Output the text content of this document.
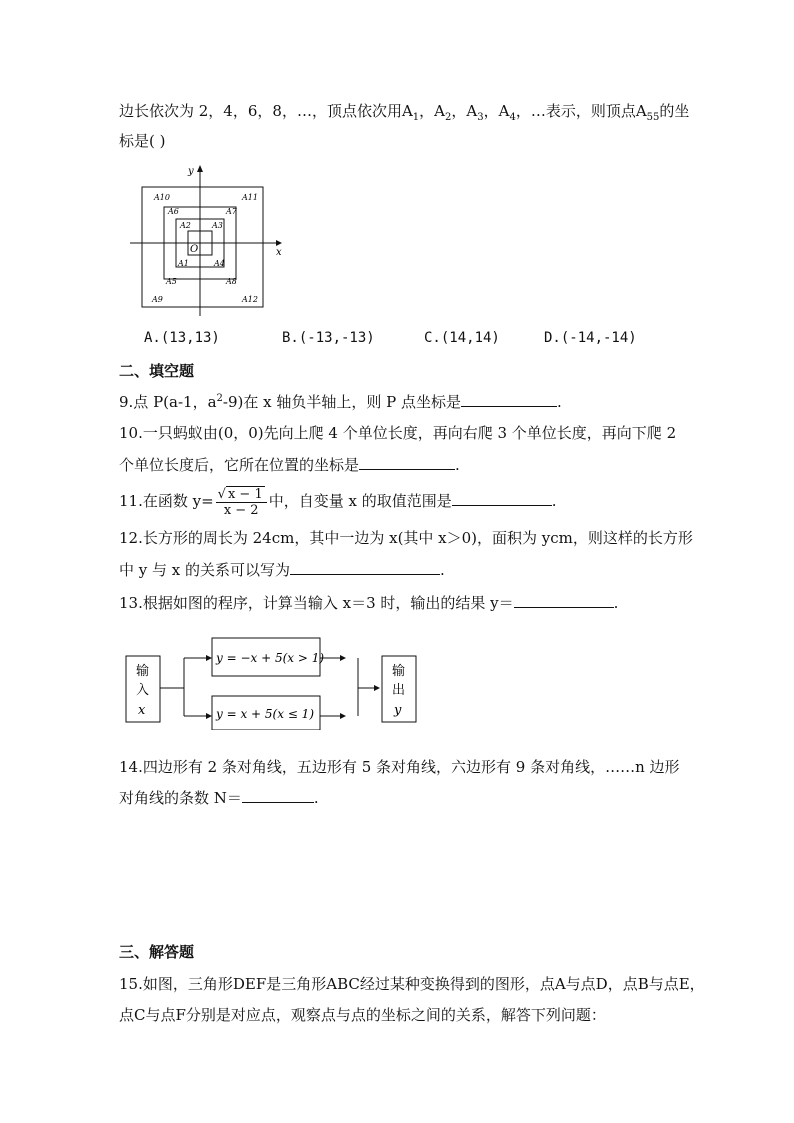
边长依次为 2，4，6，8，…，顶点依次用$A_1$，$A_2$，$A_3$，$A_4$，…表示，则顶点$A_{55}$的坐
标是( )
y
x
O
A10	A11
A6	A7
A2	A3
A1	A4
A5	A8
A9	A12
A.(13,13)	B.(-13,-13)	C.(14,14)	D.(-14,-14)
二、填空题
9.点 P(a-1，$a^2-9$)在 x 轴负半轴上，则 P 点坐标是	.
10.一只蚂蚁由(0，0)先向上爬 4 个单位长度，再向右爬 3 个单位长度，再向下爬 2
个单位长度后，它所在位置的坐标是	.
11.在函数 $y= \frac{√ x - 1}{x - 2}$ 中，自变量 x 的取值范围是	.
12.长方形的周长为 24cm，其中一边为 x(其中 x＞0)，面积为 ycm，则这样的长方形
中 y 与 x 的关系可以写为	.
13.根据如图的程序，计算当输入 x＝3 时，输出的结果 y＝	.
输
入
x
y = −x + 5(x > 1)
y = x + 5(x ≤ 1)
输
出
y
14.四边形有 2 条对角线，五边形有 5 条对角线，六边形有 9 条对角线，……n 边形
对角线的条数 N＝	.
三、解答题
15.如图，三角形DEF是三角形ABC经过某种变换得到的图形，点A与点D，点B与点E，
点C与点F分别是对应点，观察点与点的坐标之间的关系，解答下列问题：
